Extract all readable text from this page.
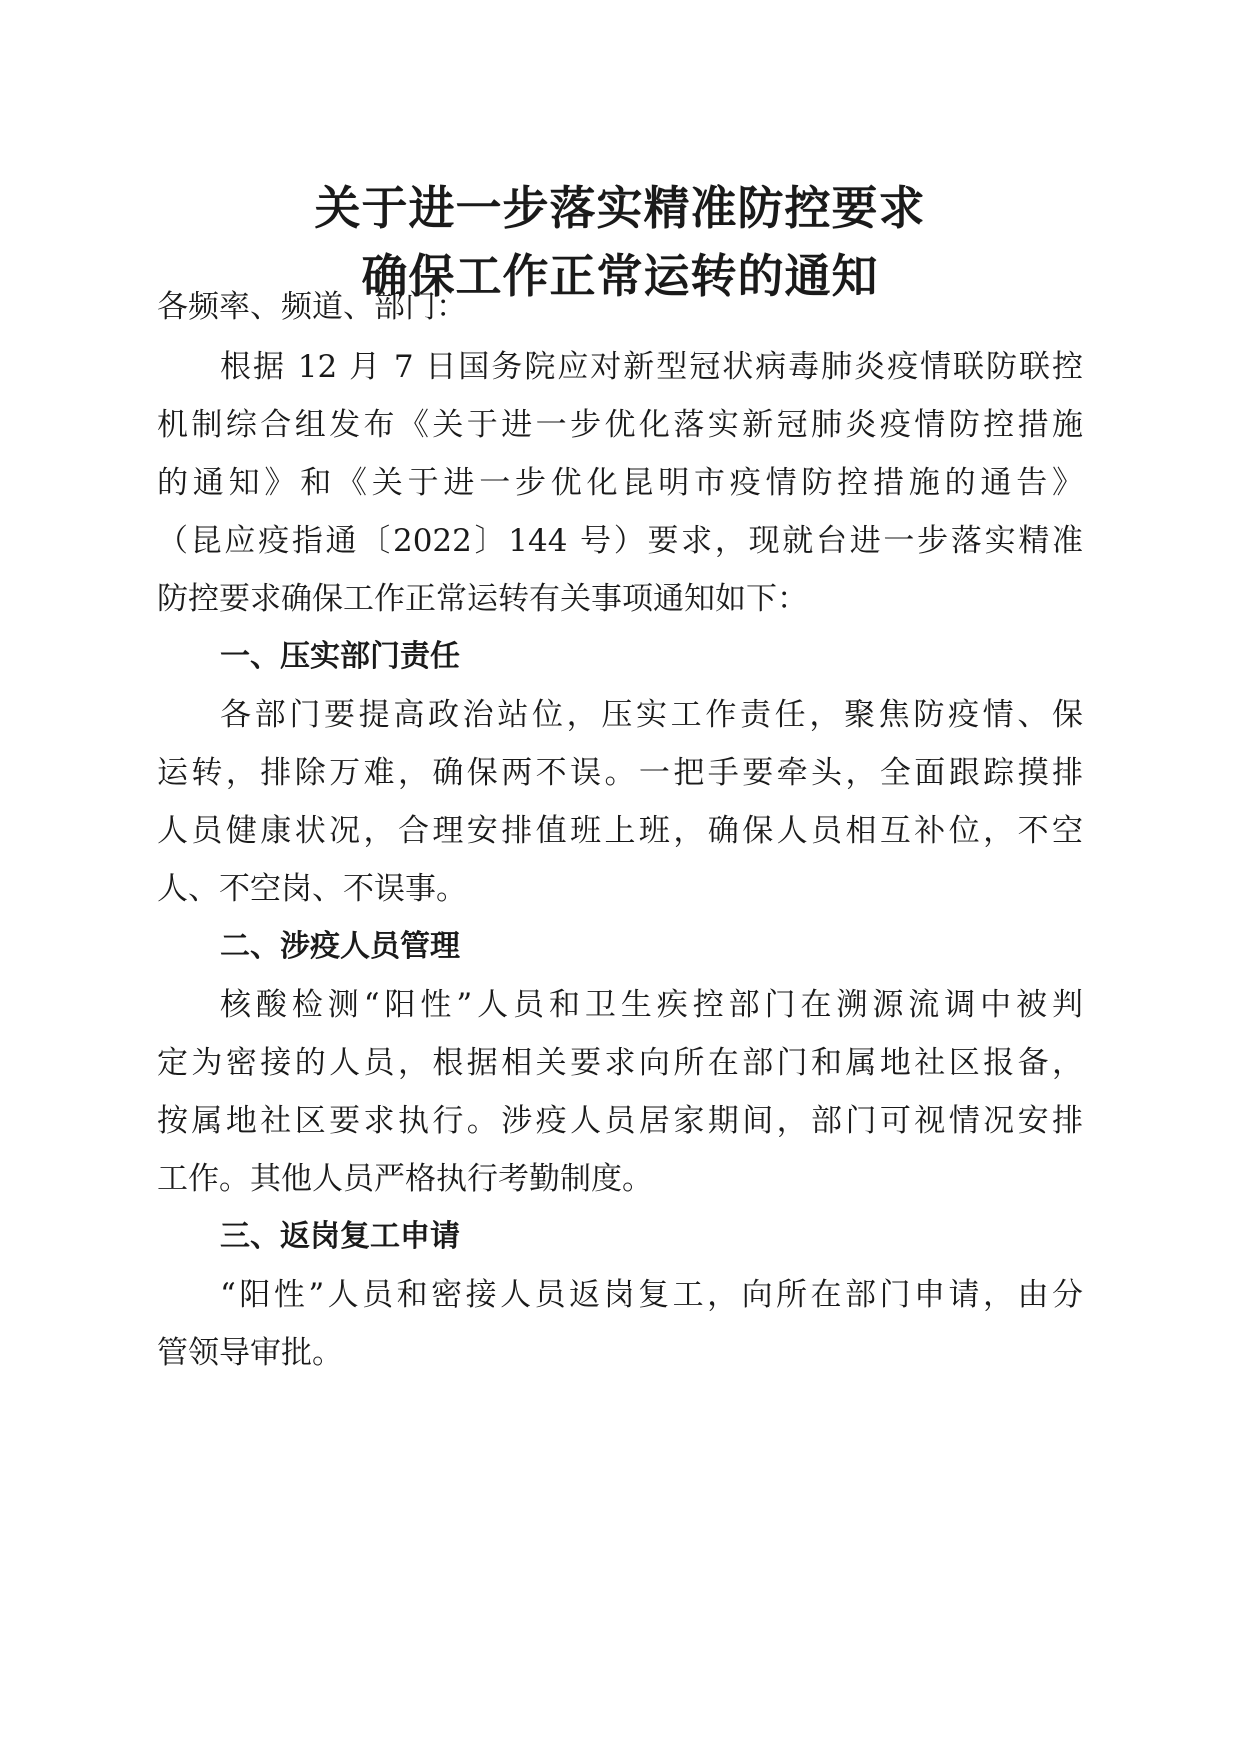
关于进一步落实精准防控要求
确保工作正常运转的通知

各频率、频道、部门：

根据 12 月 7 日国务院应对新型冠状病毒肺炎疫情联防联控

机制综合组发布《关于进一步优化落实新冠肺炎疫情防控措施

的通知》和《关于进一步优化昆明市疫情防控措施的通告》

（昆应疫指通〔2022〕144 号）要求，现就台进一步落实精准

防控要求确保工作正常运转有关事项通知如下：

一、压实部门责任

各部门要提高政治站位，压实工作责任，聚焦防疫情、保

运转，排除万难，确保两不误。一把手要牵头，全面跟踪摸排

人员健康状况，合理安排值班上班，确保人员相互补位，不空

人、不空岗、不误事。

二、涉疫人员管理

核酸检测“阳性”人员和卫生疾控部门在溯源流调中被判

定为密接的人员，根据相关要求向所在部门和属地社区报备，

按属地社区要求执行。涉疫人员居家期间，部门可视情况安排

工作。其他人员严格执行考勤制度。

三、返岗复工申请

“阳性”人员和密接人员返岗复工，向所在部门申请，由分

管领导审批。
